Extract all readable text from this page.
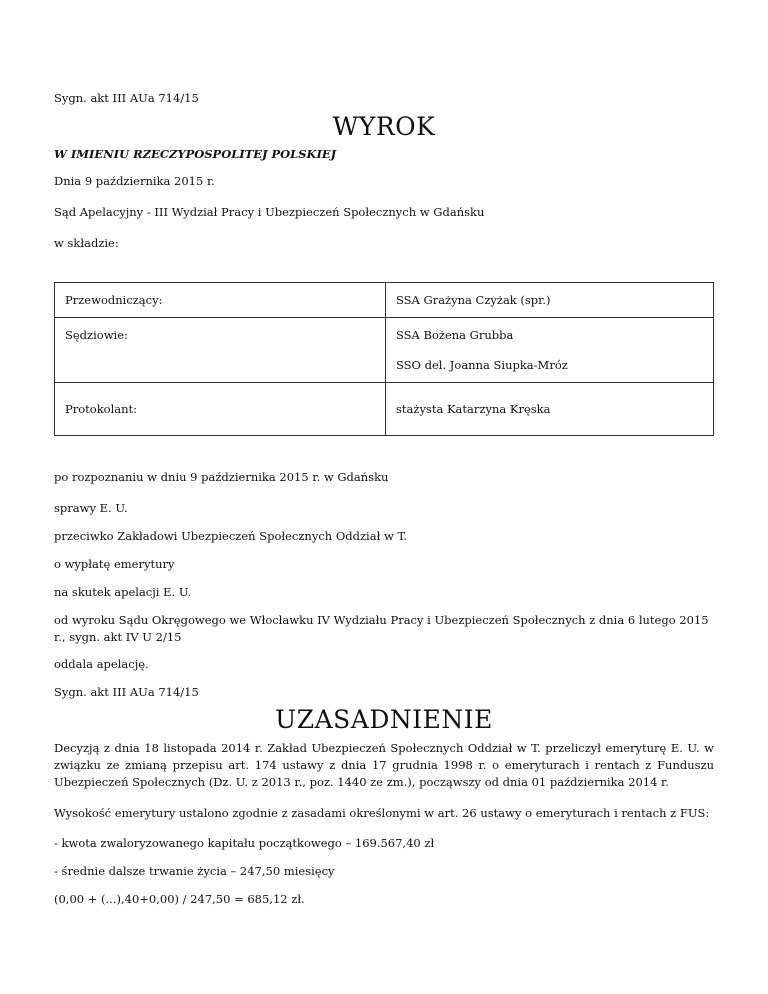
Sygn. akt III AUa 714/15
WYROK
W IMIENIU RZECZYPOSPOLITEJ POLSKIEJ
Dnia 9 października 2015 r.
Sąd Apelacyjny - III Wydział Pracy i Ubezpieczeń Społecznych w Gdańsku
w składzie:
Przewodniczący:	SSA Grażyna Czyżak (spr.)

Sędziowie:	SSA Bożena Grubba
SSO del. Joanna Siupka-Mróz

Protokolant:	stażysta Katarzyna Kręska
po rozpoznaniu w dniu 9 października 2015 r. w Gdańsku
sprawy E. U.
przeciwko Zakładowi Ubezpieczeń Społecznych Oddział w T.
o wypłatę emerytury
na skutek apelacji E. U.
od wyroku Sądu Okręgowego we Włocławku IV Wydziału Pracy i Ubezpieczeń Społecznych z dnia 6 lutego 2015 r., sygn. akt IV U 2/15
oddala apelację.
Sygn. akt III AUa 714/15
UZASADNIENIE
Decyzją z dnia 18 listopada 2014 r. Zakład Ubezpieczeń Społecznych Oddział w T. przeliczył emeryturę E. U. w związku ze zmianą przepisu art. 174 ustawy z dnia 17 grudnia 1998 r. o emeryturach i rentach z Funduszu Ubezpieczeń Społecznych (Dz. U. z 2013 r., poz. 1440 ze zm.), począwszy od dnia 01 października 2014 r.
Wysokość emerytury ustalono zgodnie z zasadami określonymi w art. 26 ustawy o emeryturach i rentach z FUS:
- kwota zwaloryzowanego kapitału początkowego – 169.567,40 zł
- średnie dalsze trwanie życia – 247,50 miesięcy
(0,00 + (...),40+0,00) / 247,50 = 685,12 zł.
